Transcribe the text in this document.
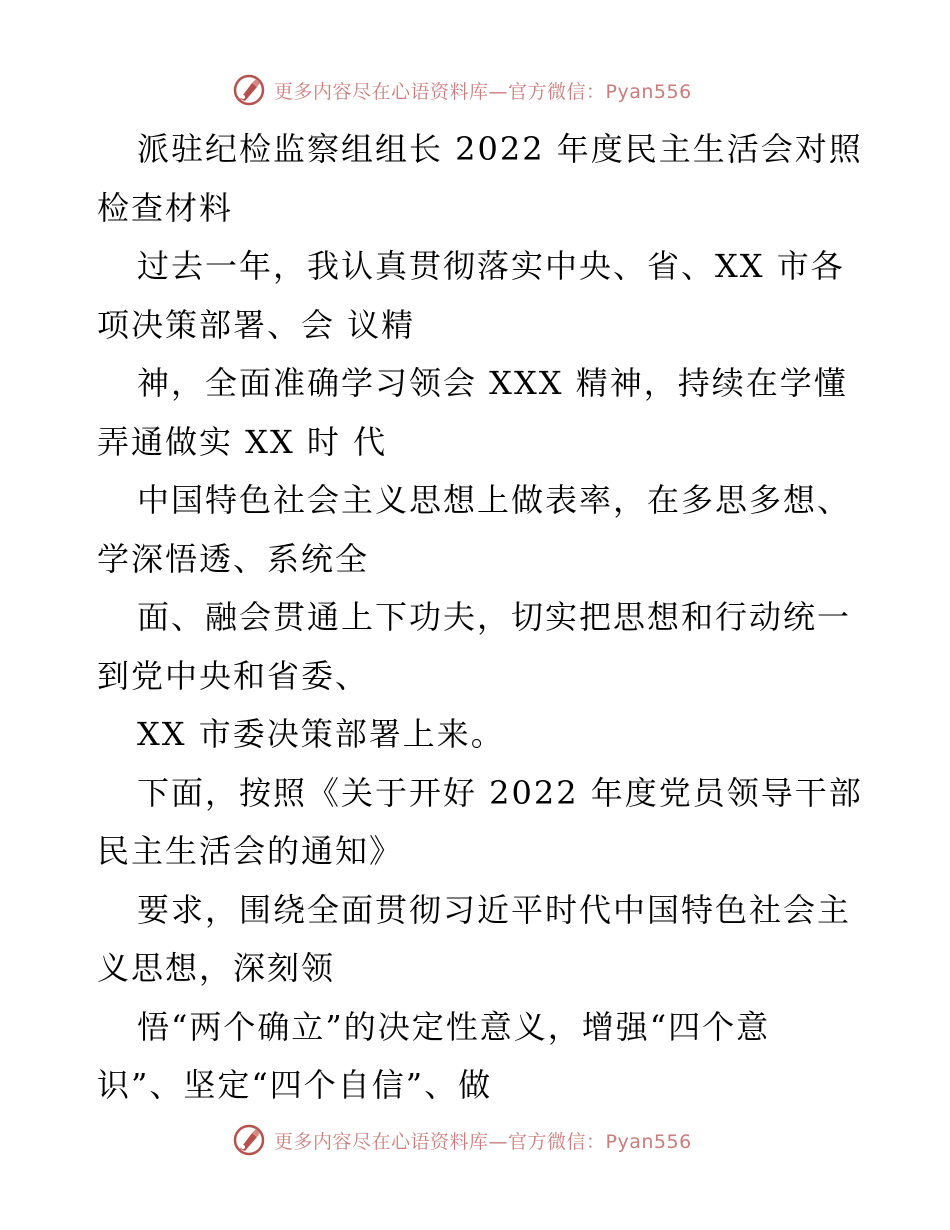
更多内容尽在心语资料库—官方微信：Pyan556
派驻纪检监察组组长 2022 年度民主生活会对照
检查材料
过去一年，我认真贯彻落实中央、省、XX 市各
项决策部署、会 议精
神，全面准确学习领会 XXX 精神，持续在学懂
弄通做实 XX 时 代
中国特色社会主义思想上做表率，在多思多想、
学深悟透、系统全
面、融会贯通上下功夫，切实把思想和行动统一
到党中央和省委、
XX 市委决策部署上来。
下面，按照《关于开好 2022 年度党员领导干部
民主生活会的通知》
要求，围绕全面贯彻习近平时代中国特色社会主
义思想，深刻领
悟“两个确立”的决定性意义，增强“四个意
识”、坚定“四个自信”、做
更多内容尽在心语资料库—官方微信：Pyan556
